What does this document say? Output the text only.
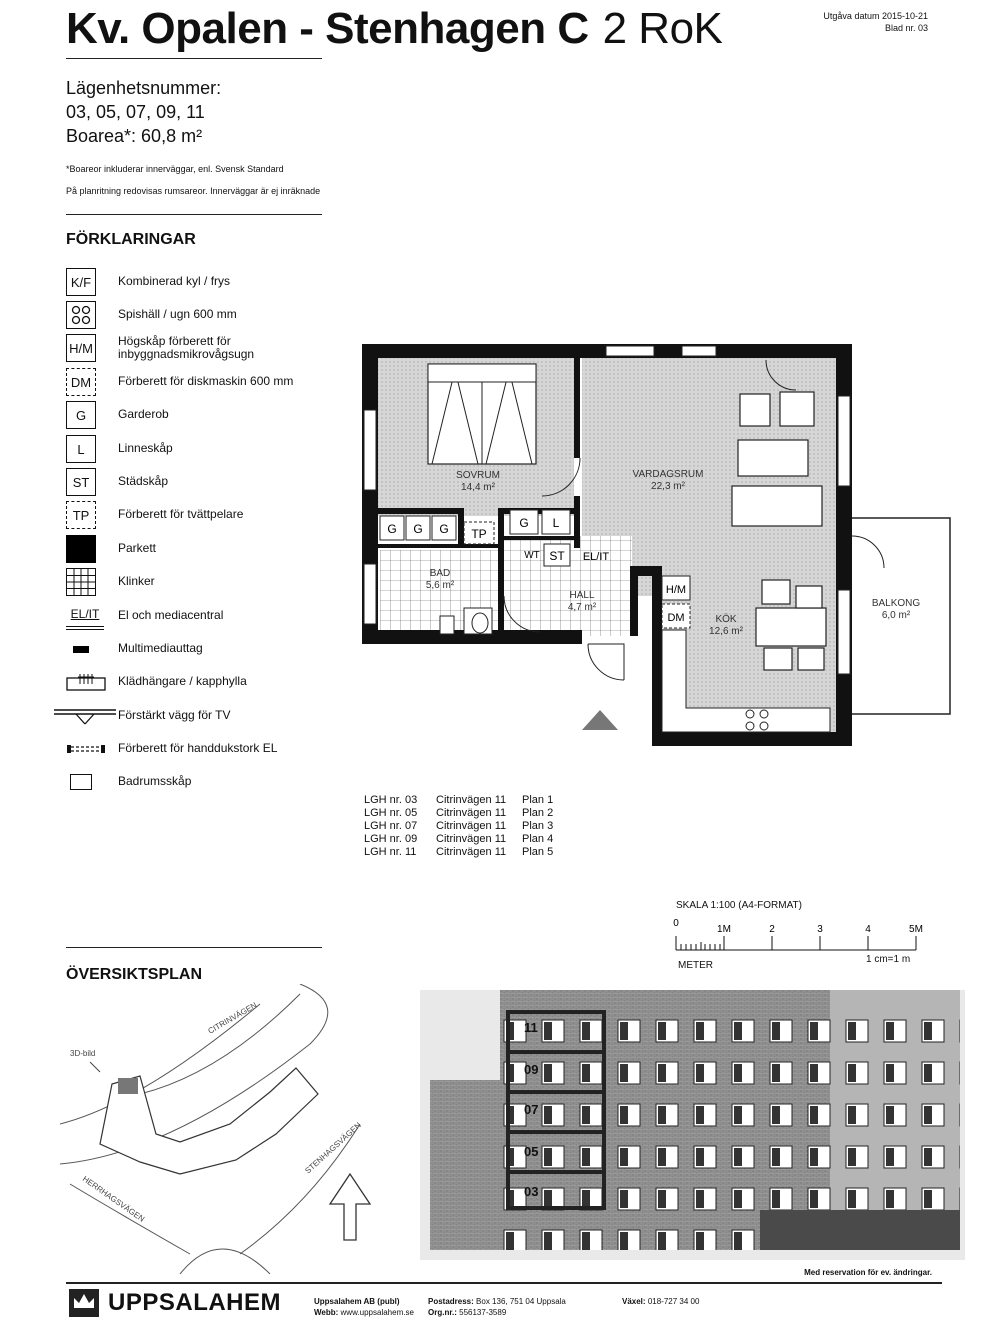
Kv. Opalen - Stenhagen C 2 RoK	Utgåva datum 2015-10-21
Blad nr. 03
Lägenhetsnummer:
03, 05, 07, 09, 11
Boarea*: 60,8 m²
*Boareor inkluderar innerväggar, enl. Svensk Standard
På planritning redovisas rumsareor. Innerväggar är ej inräknade
FÖRKLARINGAR
K/F	Kombinerad kyl / frys
Spishäll / ugn 600 mm
H/M Högskåp förberett för inbyggnadsmikrovågsugn
DM	Förberett för diskmaskin 600 mm
G	Garderob
L	Linneskåp
ST	Städskåp
TP	Förberett för tvättpelare
Parkett
Klinker
EL/IT	El och mediacentral
Multimediauttag
Klädhängare / kapphylla
Förstärkt vägg för TV
Förberett för handdukstork EL
Badrumsskåp
G G G TP
G L
ST EL/IT
H/M
DM
WT
SOVRUM
14,4 m²
VARDAGSRUM
22,3 m²
BAD
5,6 m²
HALL
4,7 m²
KÖK
12,6 m²
BALKONG
6,0 m²
LGH nr. 03	Citrinvägen 11	Plan 1
LGH nr. 05	Citrinvägen 11	Plan 2
LGH nr. 07	Citrinvägen 11	Plan 3
LGH nr. 09	Citrinvägen 11	Plan 4
LGH nr. 11	Citrinvägen 11	Plan 5
SKALA 1:100 (A4-FORMAT)
0
1M	2	3	4	5M
METER
1 cm=1 m
ÖVERSIKTSPLAN
3D-bild
CITRINVÄGEN
STENHAGSVÄGEN
HERRHAGSVÄGEN
11
09
07
05
03
Med reservation för ev. ändringar.
UPPSALAHEM	Uppsalahem AB (publ)	Postadress: Box 136, 751 04 Uppsala	Växel: 018-727 34 00
Webb: www.uppsalahem.se Org.nr.: 556137-3589
